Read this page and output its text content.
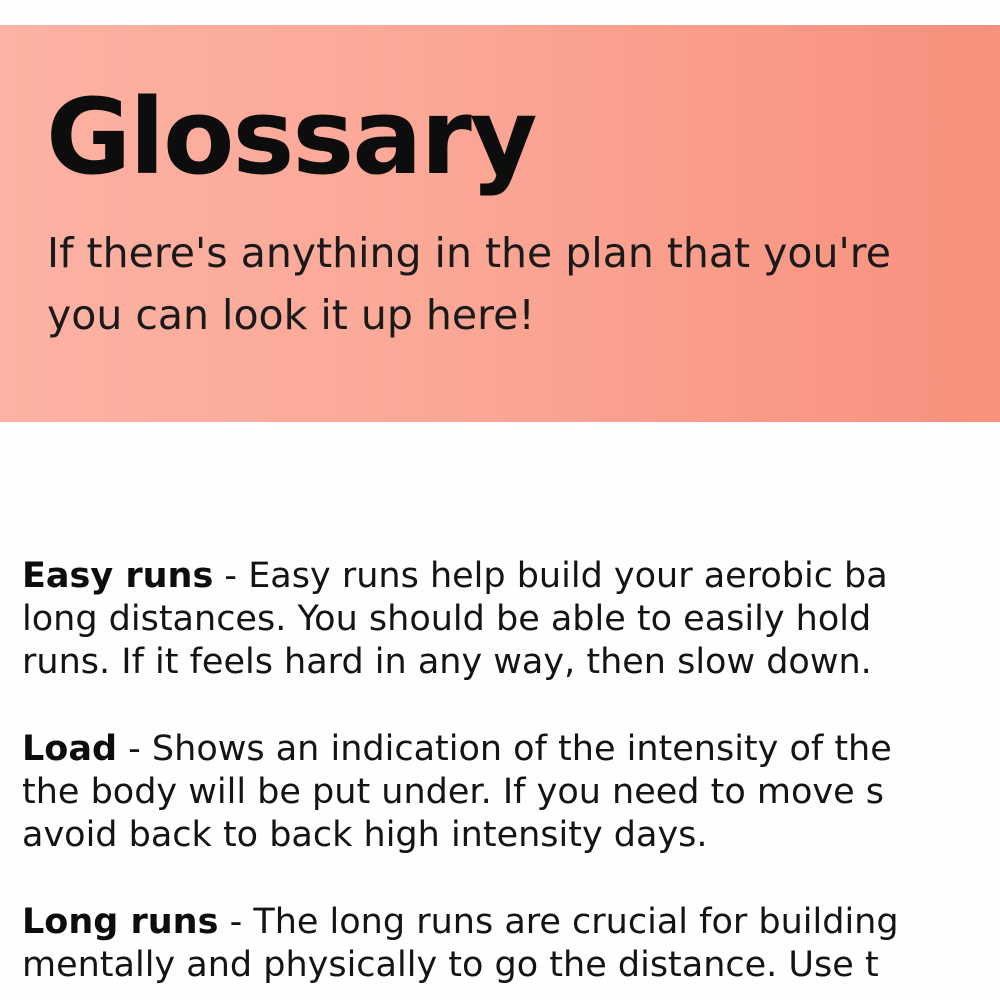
Glossary

If there's anything in the plan that you're
you can look it up here!

Easy runs - Easy runs help build your aerobic ba
long distances. You should be able to easily hold
runs. If it feels hard in any way, then slow down.

Load - Shows an indication of the intensity of the
the body will be put under. If you need to move s
avoid back to back high intensity days.

Long runs - The long runs are crucial for building
mentally and physically to go the distance. Use t
